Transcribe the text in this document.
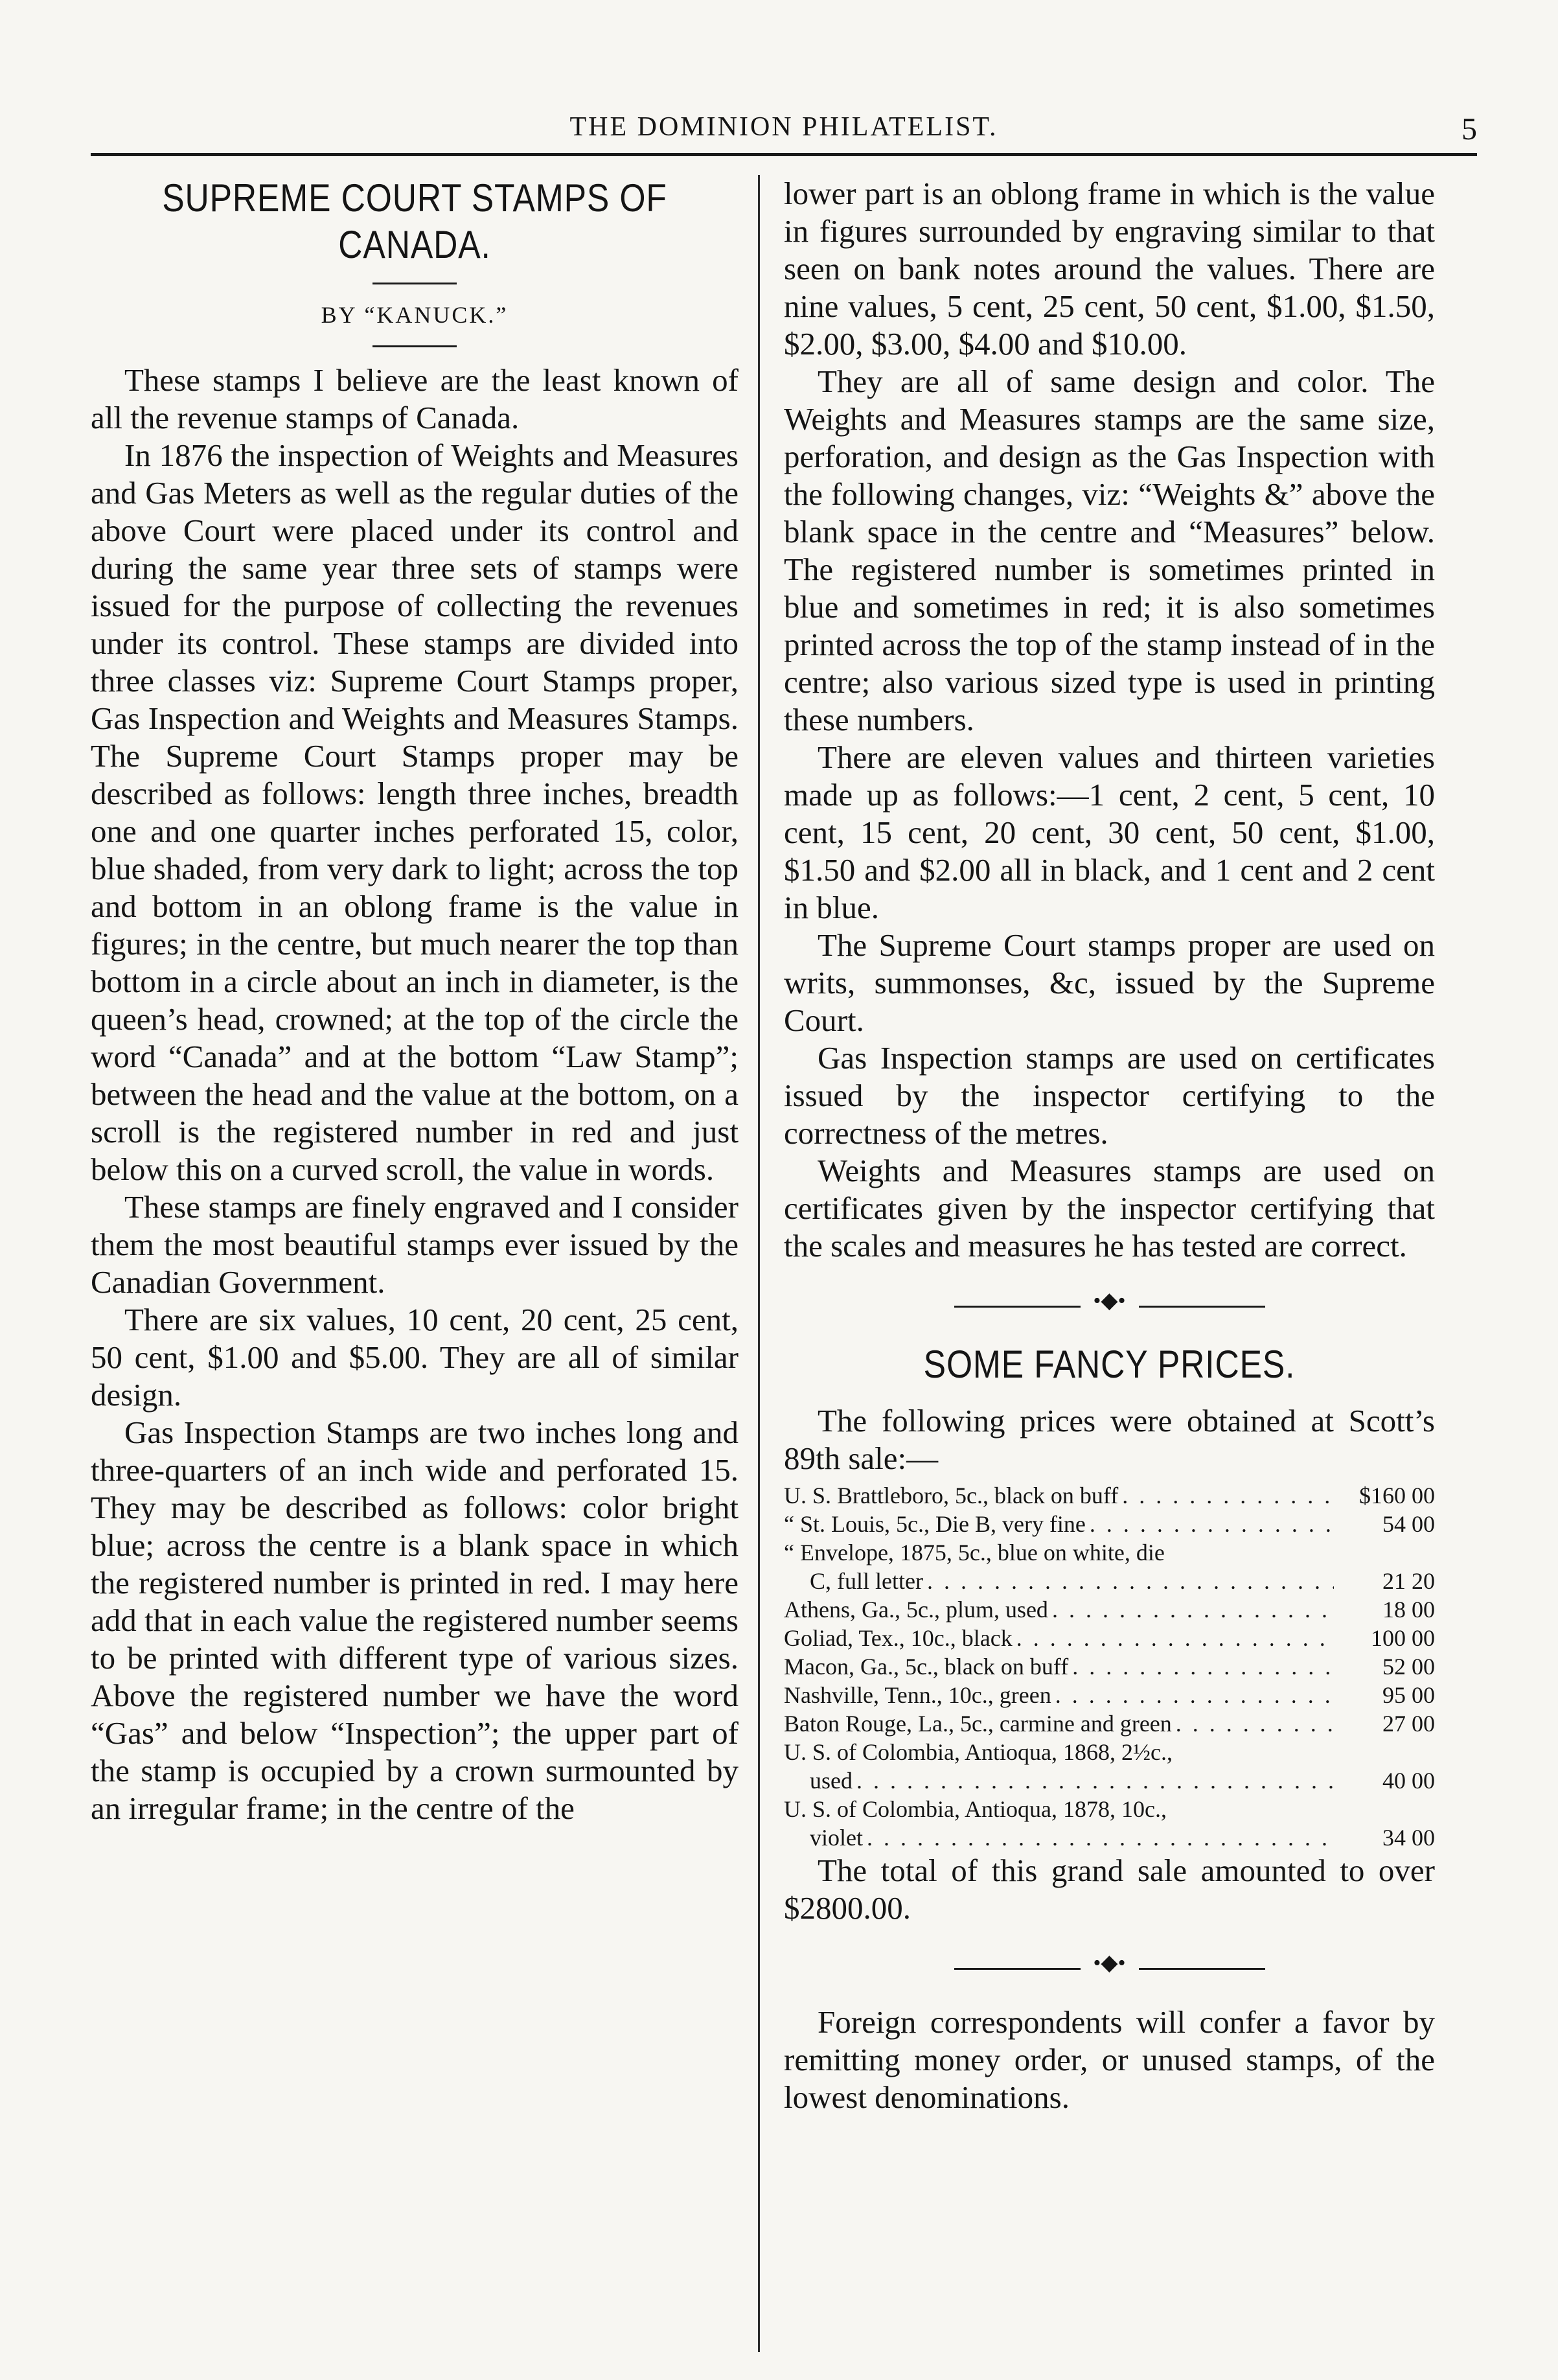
THE DOMINION PHILATELIST.	5
SUPREME COURT STAMPS OF CANADA.
BY “KANUCK.”

These stamps I believe are the least known of all the revenue stamps of Canada.

In 1876 the inspection of Weights and Measures and Gas Meters as well as the regular duties of the above Court were placed under its control and during the same year three sets of stamps were issued for the purpose of collecting the revenues under its control. These stamps are divided into three classes viz: Supreme Court Stamps proper, Gas Inspection and Weights and Measures Stamps. The Supreme Court Stamps proper may be described as follows: length three inches, breadth one and one quarter inches perforated 15, color, blue shaded, from very dark to light; across the top and bottom in an oblong frame is the value in figures; in the centre, but much nearer the top than bottom in a circle about an inch in diameter, is the queen’s head, crowned; at the top of the circle the word “Canada” and at the bottom “Law Stamp”; between the head and the value at the bottom, on a scroll is the registered number in red and just below this on a curved scroll, the value in words.

These stamps are finely engraved and I consider them the most beautiful stamps ever issued by the Canadian Government.

There are six values, 10 cent, 20 cent, 25 cent, 50 cent, $1.00 and $5.00. They are all of similar design.

Gas Inspection Stamps are two inches long and three-quarters of an inch wide and perforated 15. They may be described as follows: color bright blue; across the centre is a blank space in which the registered number is printed in red. I may here add that in each value the registered number seems to be printed with different type of various sizes. Above the registered number we have the word “Gas” and below “Inspection”; the upper part of the stamp is occupied by a crown surmounted by an irregular frame; in the centre of the

lower part is an oblong frame in which is the value in figures surrounded by engraving similar to that seen on bank notes around the values. There are nine values, 5 cent, 25 cent, 50 cent, $1.00, $1.50, $2.00, $3.00, $4.00 and $10.00.

They are all of same design and color. The Weights and Measures stamps are the same size, perforation, and design as the Gas Inspection with the following changes, viz: “Weights &” above the blank space in the centre and “Measures” below. The registered number is sometimes printed in blue and sometimes in red; it is also sometimes printed across the top of the stamp instead of in the centre; also various sized type is used in printing these numbers.

There are eleven values and thirteen varieties made up as follows:—1 cent, 2 cent, 5 cent, 10 cent, 15 cent, 20 cent, 30 cent, 50 cent, $1.00, $1.50 and $2.00 all in black, and 1 cent and 2 cent in blue.

The Supreme Court stamps proper are used on writs, summonses, &c, issued by the Supreme Court.

Gas Inspection stamps are used on certificates issued by the inspector certifying to the correctness of the metres.

Weights and Measures stamps are used on certificates given by the inspector certifying that the scales and measures he has tested are correct.

•◆•
SOME FANCY PRICES.

The following prices were obtained at Scott’s 89th sale:—

U. S. Brattleboro, 5c., black on buff . . .	$160 00
“ St. Louis, 5c., Die B, very fine . . .	54 00
“ Envelope, 1875, 5c., blue on white, die
C, full letter . . .	21 20
Athens, Ga., 5c., plum, used . . .	18 00
Goliad, Tex., 10c., black . . .	100 00
Macon, Ga., 5c., black on buff . . .	52 00
Nashville, Tenn., 10c., green . . .	95 00
Baton Rouge, La., 5c., carmine and green . . .	27 00
U. S. of Colombia, Antioqua, 1868, 2½c.,
used . . .	40 00
U. S. of Colombia, Antioqua, 1878, 10c.,
violet . . .	34 00

The total of this grand sale amounted to over $2800.00.

•◆•

Foreign correspondents will confer a favor by remitting money order, or unused stamps, of the lowest denominations.
